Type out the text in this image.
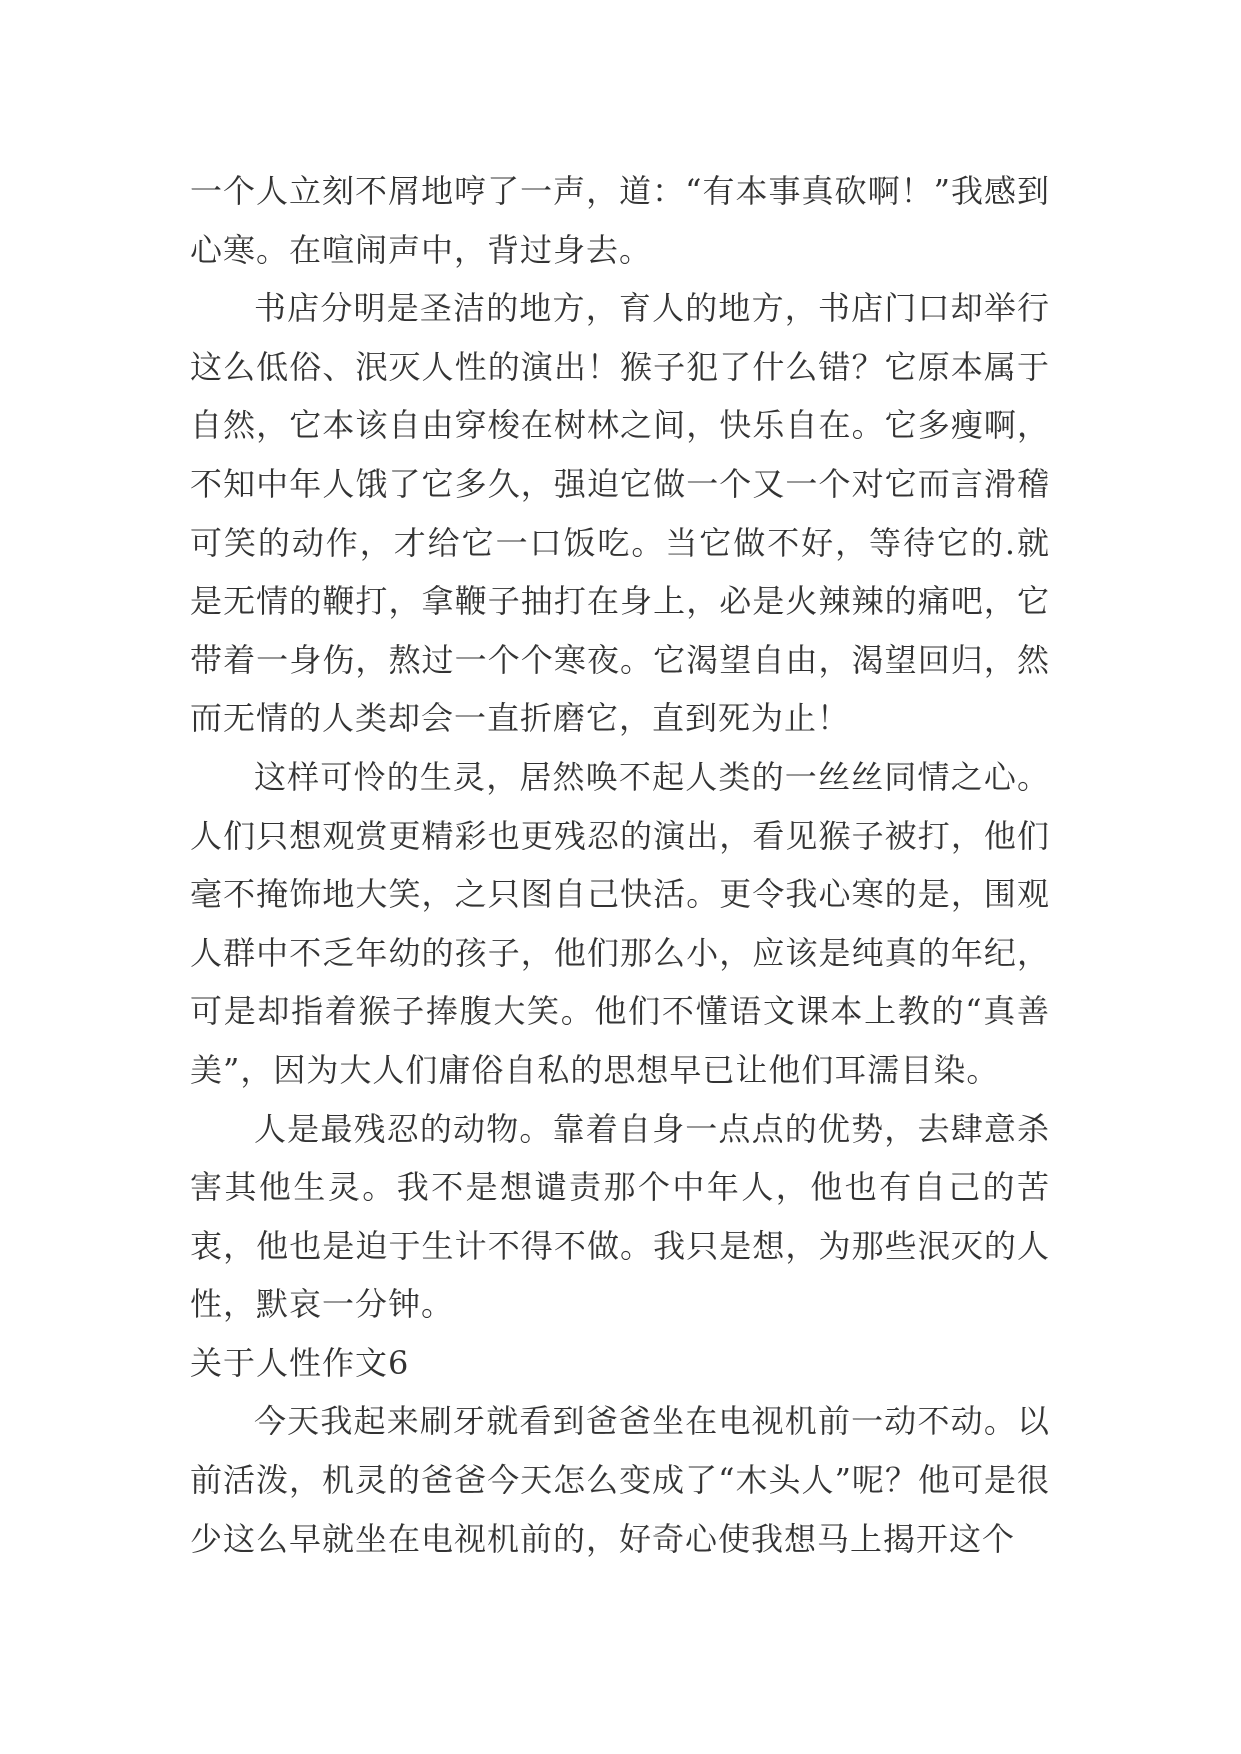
一个人立刻不屑地哼了一声，道：“有本事真砍啊！”我感到心寒。在喧闹声中，背过身去。

书店分明是圣洁的地方，育人的地方，书店门口却举行这么低俗、泯灭人性的演出！猴子犯了什么错？它原本属于自然，它本该自由穿梭在树林之间，快乐自在。它多瘦啊，不知中年人饿了它多久，强迫它做一个又一个对它而言滑稽可笑的动作，才给它一口饭吃。当它做不好，等待它的.就是无情的鞭打，拿鞭子抽打在身上，必是火辣辣的痛吧，它带着一身伤，熬过一个个寒夜。它渴望自由，渴望回归，然而无情的人类却会一直折磨它，直到死为止！

这样可怜的生灵，居然唤不起人类的一丝丝同情之心。人们只想观赏更精彩也更残忍的演出，看见猴子被打，他们毫不掩饰地大笑，之只图自己快活。更令我心寒的是，围观人群中不乏年幼的孩子，他们那么小，应该是纯真的年纪，可是却指着猴子捧腹大笑。他们不懂语文课本上教的“真善美”，因为大人们庸俗自私的思想早已让他们耳濡目染。

人是最残忍的动物。靠着自身一点点的优势，去肆意杀害其他生灵。我不是想谴责那个中年人，他也有自己的苦衷，他也是迫于生计不得不做。我只是想，为那些泯灭的人性，默哀一分钟。

关于人性作文6

今天我起来刷牙就看到爸爸坐在电视机前一动不动。以前活泼，机灵的爸爸今天怎么变成了“木头人”呢？他可是很少这么早就坐在电视机前的，好奇心使我想马上揭开这个
